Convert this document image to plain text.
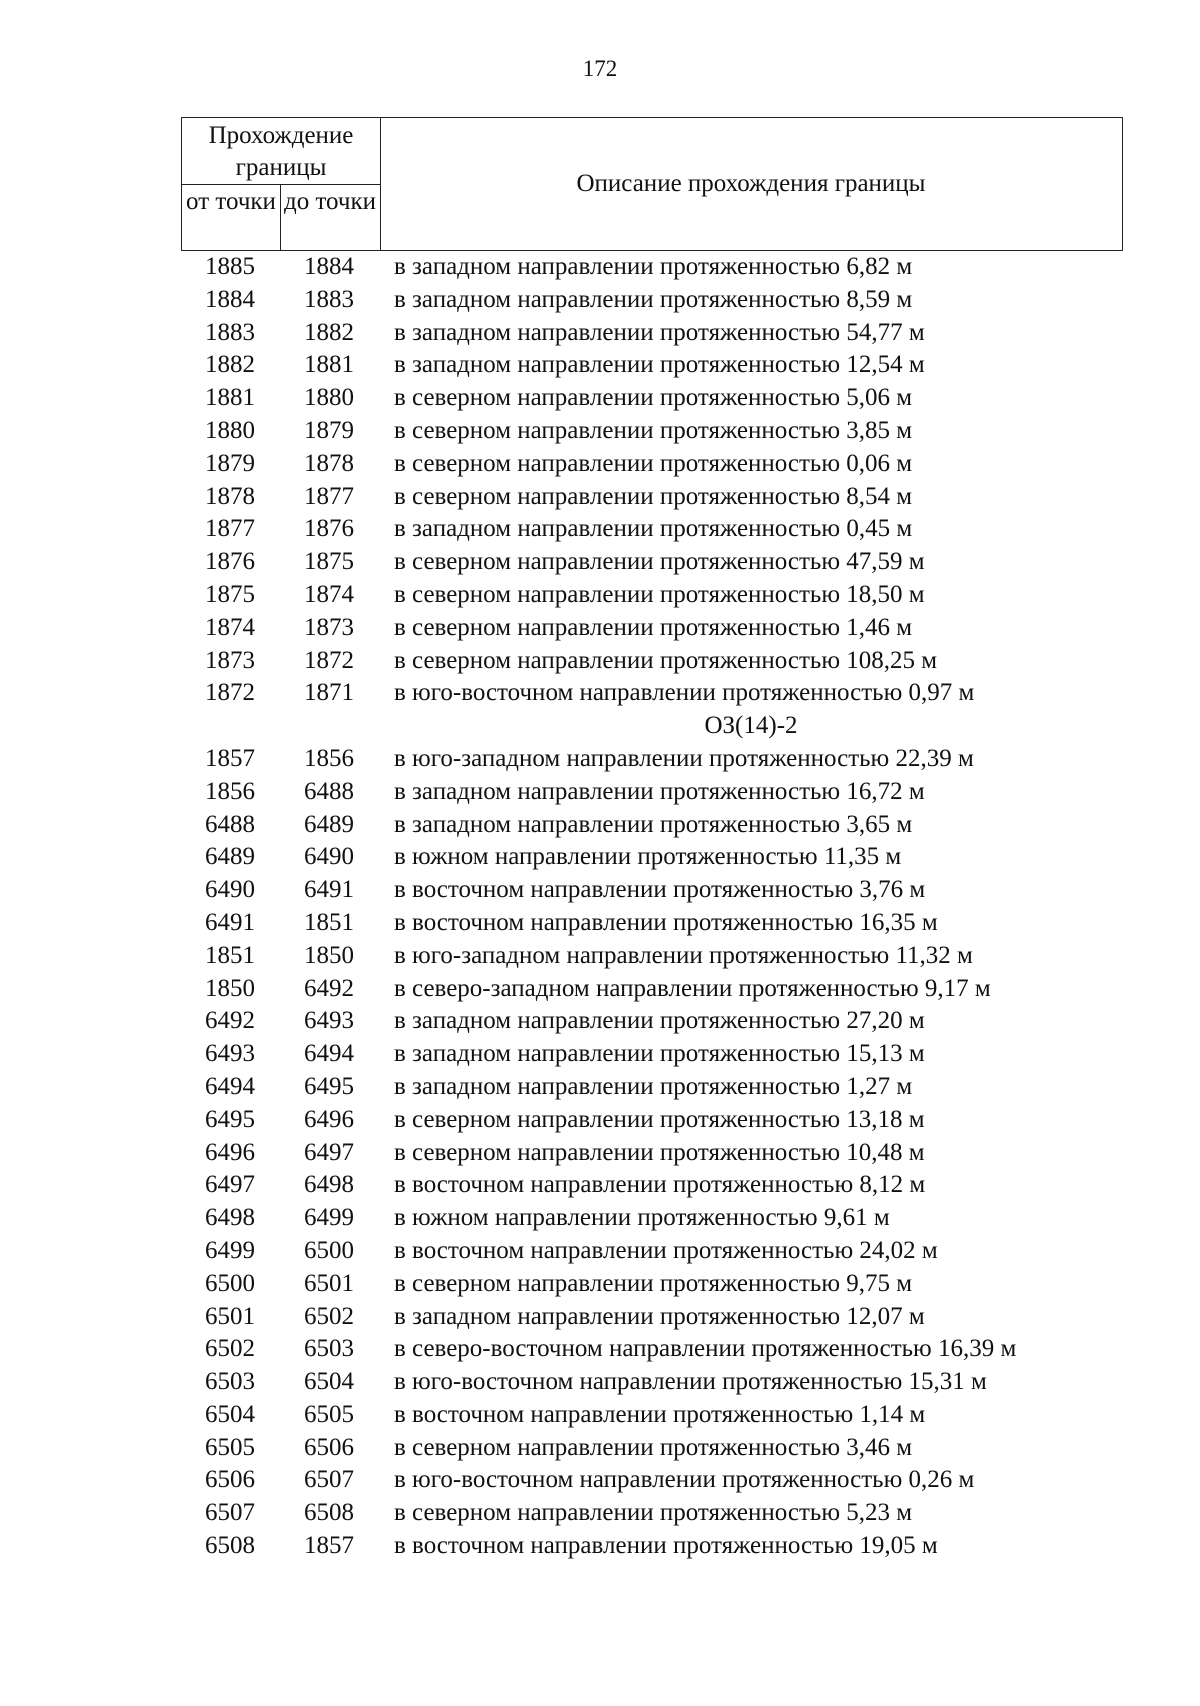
172
Прохождение границы
от точки до точки
Описание прохождения границы
1885	1884	в западном направлении протяженностью 6,82 м
1884	1883	в западном направлении протяженностью 8,59 м
1883	1882	в западном направлении протяженностью 54,77 м
1882	1881	в западном направлении протяженностью 12,54 м
1881	1880	в северном направлении протяженностью 5,06 м
1880	1879	в северном направлении протяженностью 3,85 м
1879	1878	в северном направлении протяженностью 0,06 м
1878	1877	в северном направлении протяженностью 8,54 м
1877	1876	в западном направлении протяженностью 0,45 м
1876	1875	в северном направлении протяженностью 47,59 м
1875	1874	в северном направлении протяженностью 18,50 м
1874	1873	в северном направлении протяженностью 1,46 м
1873	1872	в северном направлении протяженностью 108,25 м
1872	1871	в юго-восточном направлении протяженностью 0,97 м
ОЗ(14)-2
1857	1856	в юго-западном направлении протяженностью 22,39 м
1856	6488	в западном направлении протяженностью 16,72 м
6488	6489	в западном направлении протяженностью 3,65 м
6489	6490	в южном направлении протяженностью 11,35 м
6490	6491	в восточном направлении протяженностью 3,76 м
6491	1851	в восточном направлении протяженностью 16,35 м
1851	1850	в юго-западном направлении протяженностью 11,32 м
1850	6492	в северо-западном направлении протяженностью 9,17 м
6492	6493	в западном направлении протяженностью 27,20 м
6493	6494	в западном направлении протяженностью 15,13 м
6494	6495	в западном направлении протяженностью 1,27 м
6495	6496	в северном направлении протяженностью 13,18 м
6496	6497	в северном направлении протяженностью 10,48 м
6497	6498	в восточном направлении протяженностью 8,12 м
6498	6499	в южном направлении протяженностью 9,61 м
6499	6500	в восточном направлении протяженностью 24,02 м
6500	6501	в северном направлении протяженностью 9,75 м
6501	6502	в западном направлении протяженностью 12,07 м
6502	6503	в северо-восточном направлении протяженностью 16,39 м
6503	6504	в юго-восточном направлении протяженностью 15,31 м
6504	6505	в восточном направлении протяженностью 1,14 м
6505	6506	в северном направлении протяженностью 3,46 м
6506	6507	в юго-восточном направлении протяженностью 0,26 м
6507	6508	в северном направлении протяженностью 5,23 м
6508	1857	в восточном направлении протяженностью 19,05 м
